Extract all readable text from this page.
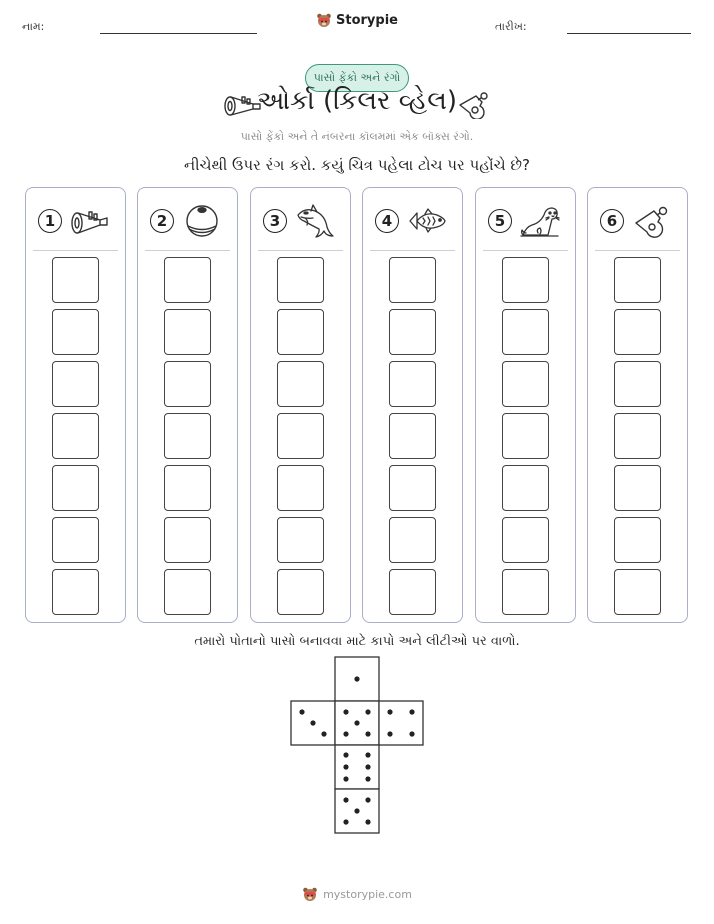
નામ:	તારીખ:
Storypie
પાસો ફેંકો અને રંગો
ઓર્કા (કિલર વ્હેલ)
પાસો ફેંકો અને તે નંબરના કૉલમમાં એક બૉક્સ રંગો.
નીચેથી ઉપર રંગ કરો. કયું ચિત્ર પહેલા ટોચ પર પહોંચે છે?
1	2	3	4	5	6
તમારો પોતાનો પાસો બનાવવા માટે કાપો અને લીટીઓ પર વાળો.
mystorypie.com
